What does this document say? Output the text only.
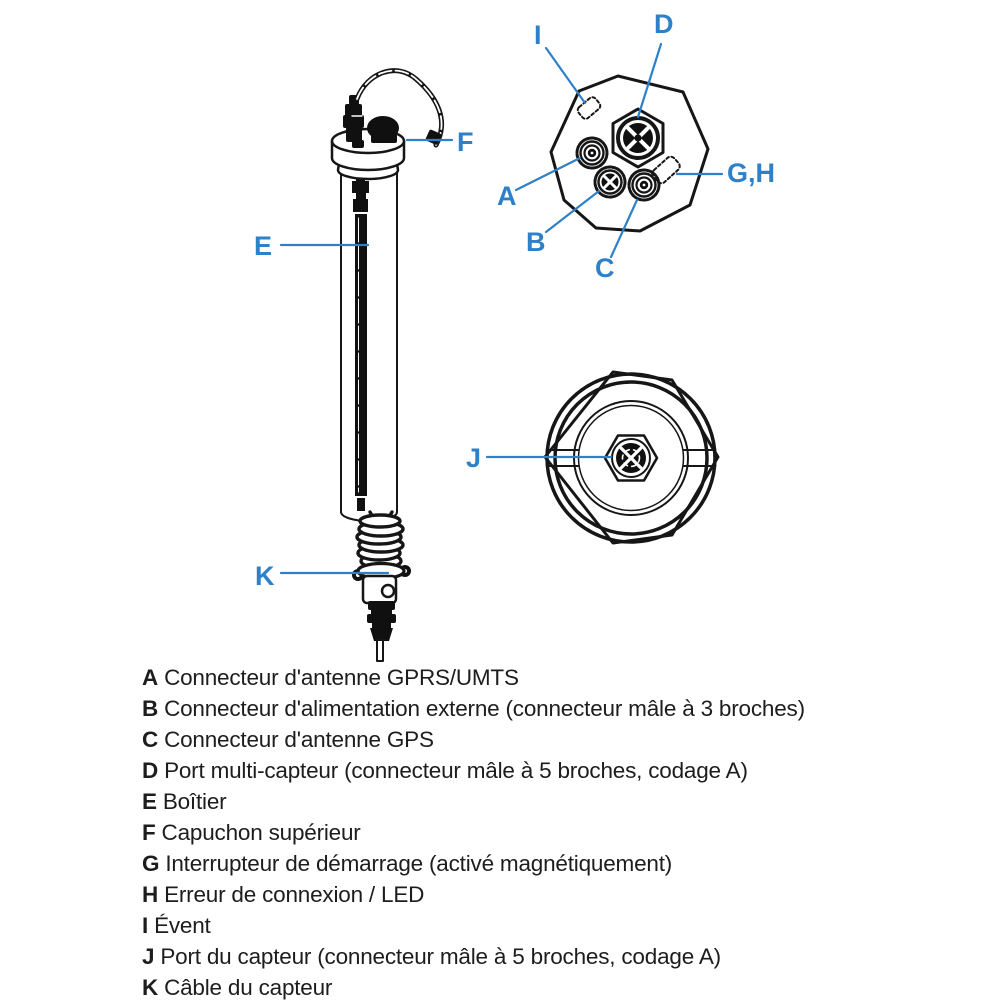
I	D
A
B
C
G,H
F
E
K
J
A Connecteur d'antenne GPRS/UMTS
B Connecteur d'alimentation externe (connecteur mâle à 3 broches)
C Connecteur d'antenne GPS
D Port multi-capteur (connecteur mâle à 5 broches, codage A)
E Boîtier
F Capuchon supérieur
G Interrupteur de démarrage (activé magnétiquement)
H Erreur de connexion / LED
I Évent
J Port du capteur (connecteur mâle à 5 broches, codage A)
K Câble du capteur
